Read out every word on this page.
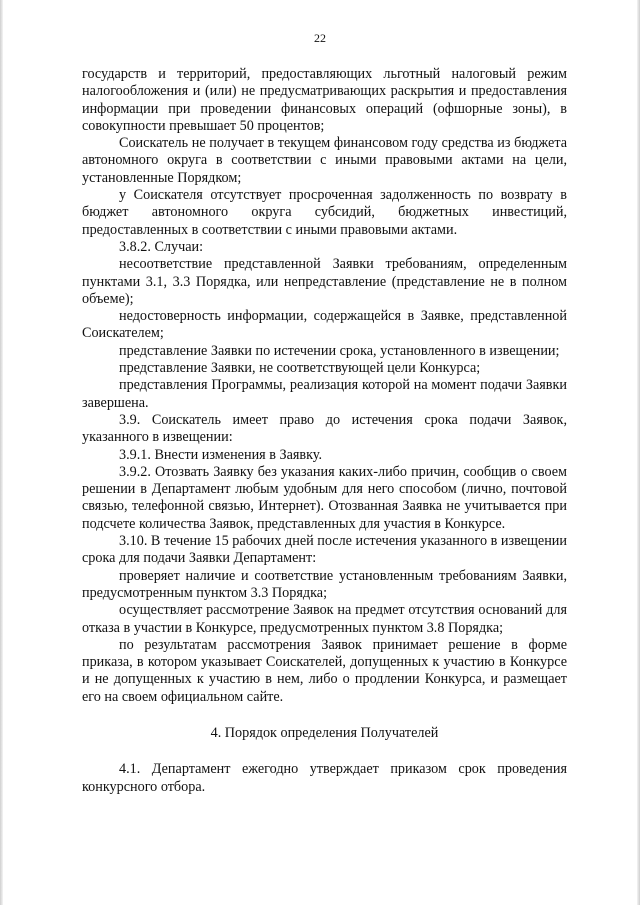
22

государств и территорий, предоставляющих льготный налоговый режим налогообложения и (или) не предусматривающих раскрытия и предоставления информации при проведении финансовых операций (офшорные зоны), в совокупности превышает 50 процентов;

Соискатель не получает в текущем финансовом году средства из бюджета автономного округа в соответствии с иными правовыми актами на цели, установленные Порядком;

у Соискателя отсутствует просроченная задолженность по возврату в бюджет автономного округа субсидий, бюджетных инвестиций, предоставленных в соответствии с иными правовыми актами.

3.8.2. Случаи:

несоответствие представленной Заявки требованиям, определенным пунктами 3.1, 3.3 Порядка, или непредставление (представление не в полном объеме);

недостоверность информации, содержащейся в Заявке, представленной Соискателем;

представление Заявки по истечении срока, установленного в извещении;

представление Заявки, не соответствующей цели Конкурса;

представления Программы, реализация которой на момент подачи Заявки завершена.

3.9. Соискатель имеет право до истечения срока подачи Заявок, указанного в извещении:

3.9.1. Внести изменения в Заявку.

3.9.2. Отозвать Заявку без указания каких-либо причин, сообщив о своем решении в Департамент любым удобным для него способом (лично, почтовой связью, телефонной связью, Интернет). Отозванная Заявка не учитывается при подсчете количества Заявок, представленных для участия в Конкурсе.

3.10. В течение 15 рабочих дней после истечения указанного в извещении срока для подачи Заявки Департамент:

проверяет наличие и соответствие установленным требованиям Заявки, предусмотренным пунктом 3.3 Порядка;

осуществляет рассмотрение Заявок на предмет отсутствия оснований для отказа в участии в Конкурсе, предусмотренных пунктом 3.8 Порядка;

по результатам рассмотрения Заявок принимает решение в форме приказа, в котором указывает Соискателей, допущенных к участию в Конкурсе и не допущенных к участию в нем, либо о продлении Конкурса, и размещает его на своем официальном сайте.

4. Порядок определения Получателей

4.1. Департамент ежегодно утверждает приказом срок проведения конкурсного отбора.
